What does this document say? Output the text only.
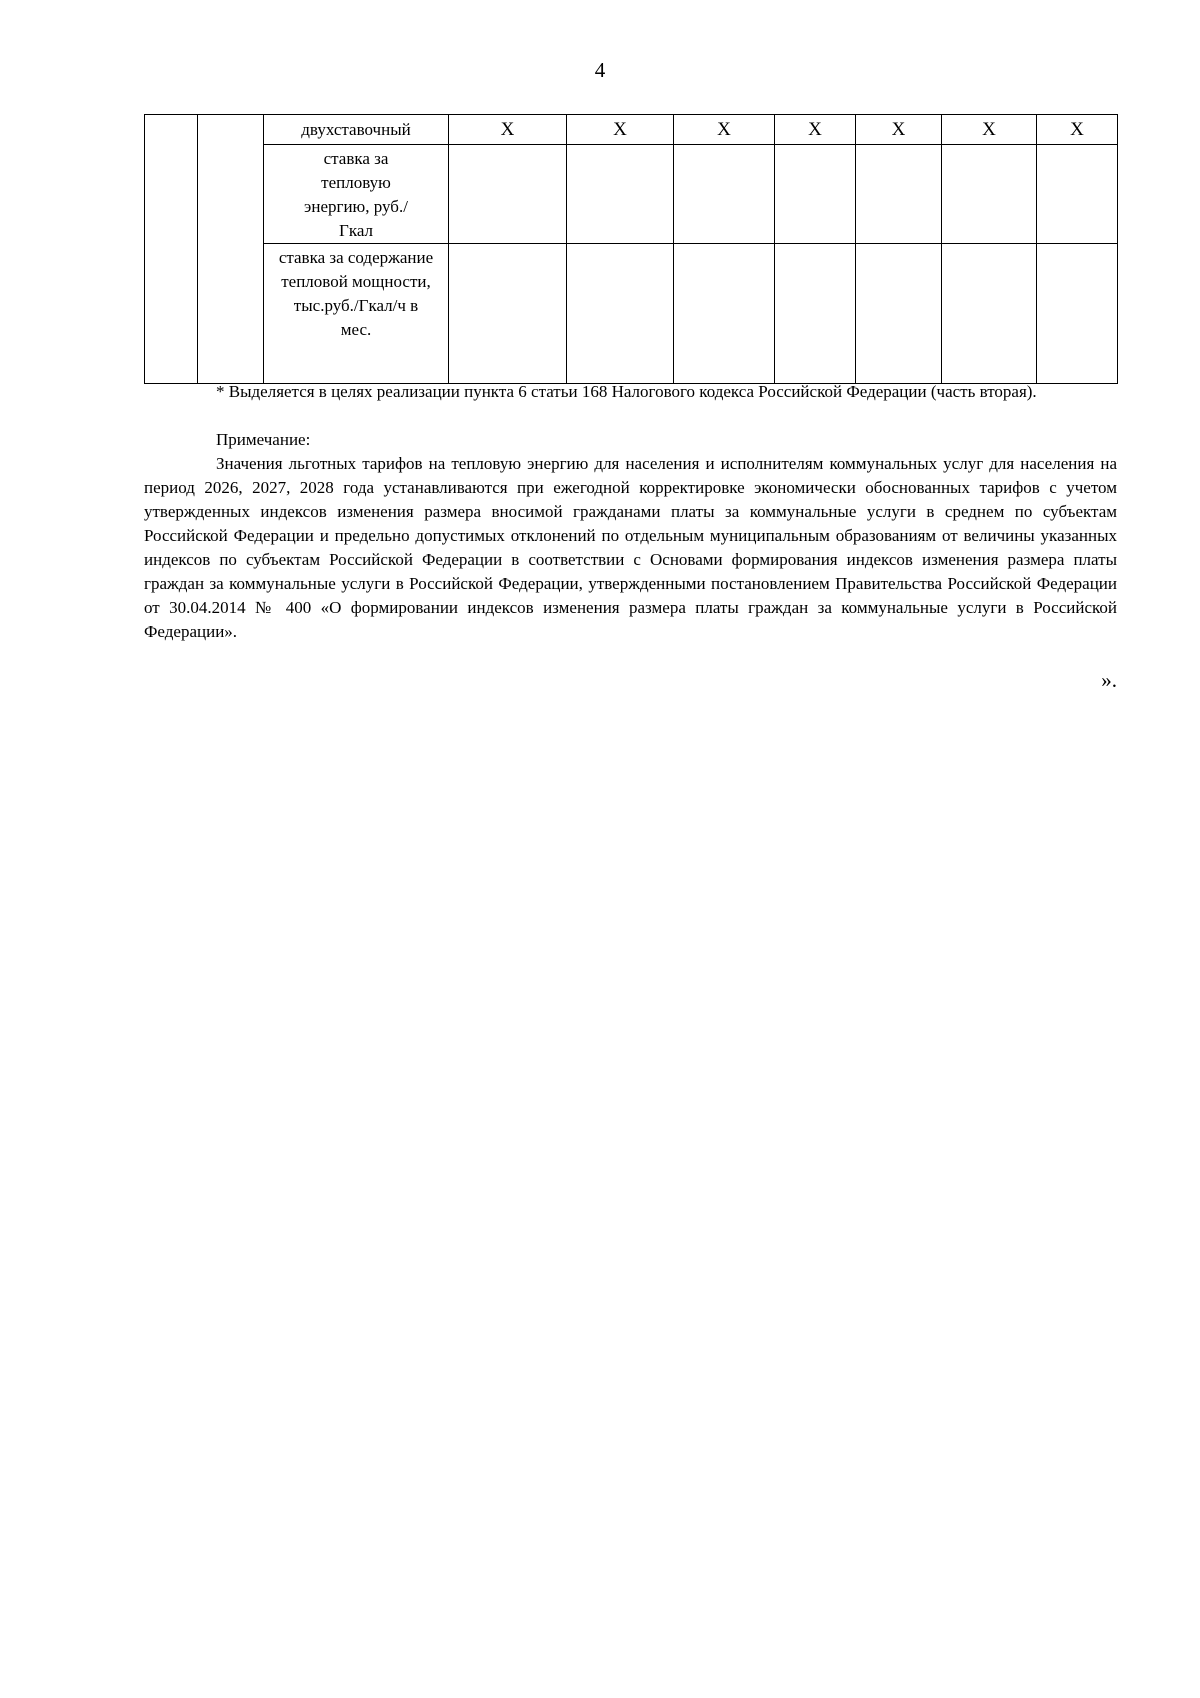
4
		двухставочный	Х	Х	Х	Х	Х	Х	Х
		ставка за тепловую энергию, руб./Гкал							
		ставка за содержание тепловой мощности, тыс.руб./Гкал/ч в мес.							
* Выделяется в целях реализации пункта 6 статьи 168 Налогового кодекса Российской Федерации (часть вторая).
Примечание:
Значения льготных тарифов на тепловую энергию для населения и исполнителям коммунальных услуг для населения на период 2026, 2027, 2028 года устанавливаются при ежегодной корректировке экономически обоснованных тарифов с учетом утвержденных индексов изменения размера вносимой гражданами платы за коммунальные услуги в среднем по субъектам Российской Федерации и предельно допустимых отклонений по отдельным муниципальным образованиям от величины указанных индексов по субъектам Российской Федерации в соответствии с Основами формирования индексов изменения размера платы граждан за коммунальные услуги в Российской Федерации, утвержденными постановлением Правительства Российской Федерации от 30.04.2014 № 400 «О формировании индексов изменения размера платы граждан за коммунальные услуги в Российской Федерации».
».
